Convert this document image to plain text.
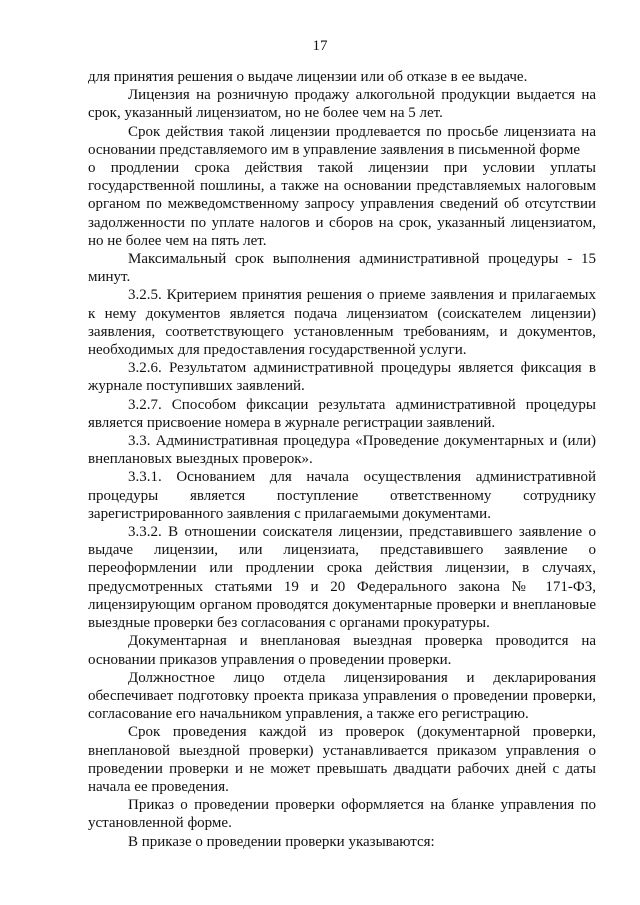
17

для принятия решения о выдаче лицензии или об отказе в ее выдаче.

Лицензия на розничную продажу алкогольной продукции выдается на срок, указанный лицензиатом, но не более чем на 5 лет.

Срок действия такой лицензии продлевается по просьбе лицензиата на основании представляемого им в управление заявления в письменной форме

о продлении срока действия такой лицензии при условии уплаты государственной пошлины, а также на основании представляемых налоговым органом по межведомственному запросу управления сведений об отсутствии задолженности по уплате налогов и сборов на срок, указанный лицензиатом, но не более чем на пять лет.

Максимальный срок выполнения административной процедуры - 15 минут.

3.2.5. Критерием принятия решения о приеме заявления и прилагаемых к нему документов является подача лицензиатом (соискателем лицензии) заявления, соответствующего установленным требованиям, и документов, необходимых для предоставления государственной услуги.

3.2.6. Результатом административной процедуры является фиксация в журнале поступивших заявлений.

3.2.7. Способом фиксации результата административной процедуры является присвоение номера в журнале регистрации заявлений.

3.3. Административная процедура «Проведение документарных и (или) внеплановых выездных проверок».

3.3.1. Основанием для начала осуществления административной процедуры является поступление ответственному сотруднику зарегистрированного заявления с прилагаемыми документами.

3.3.2. В отношении соискателя лицензии, представившего заявление о выдаче лицензии, или лицензиата, представившего заявление о переоформлении или продлении срока действия лицензии, в случаях, предусмотренных статьями 19 и 20 Федерального закона № 171-ФЗ, лицензирующим органом проводятся документарные проверки и внеплановые выездные проверки без согласования с органами прокуратуры.

Документарная и внеплановая выездная проверка проводится на основании приказов управления о проведении проверки.

Должностное лицо отдела лицензирования и декларирования обеспечивает подготовку проекта приказа управления о проведении проверки, согласование его начальником управления, а также его регистрацию.

Срок проведения каждой из проверок (документарной проверки, внеплановой выездной проверки) устанавливается приказом управления о проведении проверки и не может превышать двадцати рабочих дней с даты начала ее проведения.

Приказ о проведении проверки оформляется на бланке управления по установленной форме.

В приказе о проведении проверки указываются:
